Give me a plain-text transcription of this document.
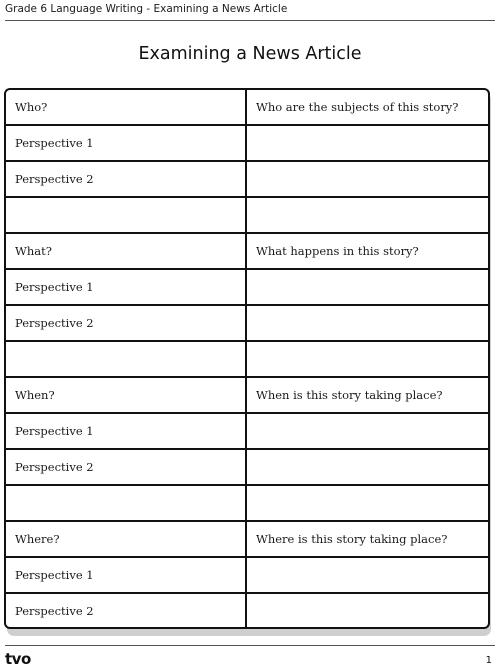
Grade 6 Language Writing - Examining a News Article
Examining a News Article
Who?	Who are the subjects of this story?
Perspective 1
Perspective 2
What?	What happens in this story?
Perspective 1
Perspective 2
When?	When is this story taking place?
Perspective 1
Perspective 2
Where?	Where is this story taking place?
Perspective 1
Perspective 2
tvo	1
